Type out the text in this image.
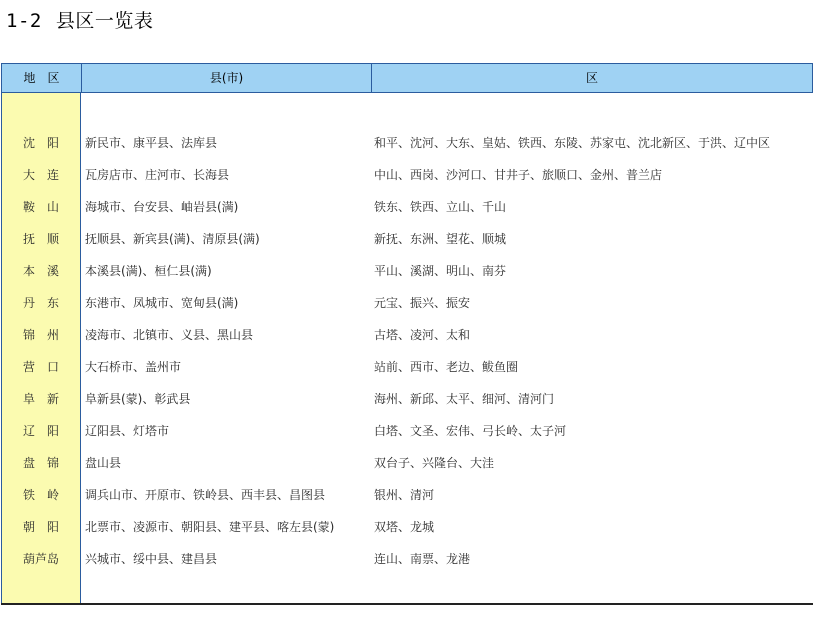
1-2 县区一览表
地　区	县(市)	区
沈　阳	新民市、康平县、法库县	和平、沈河、大东、皇姑、铁西、东陵、苏家屯、沈北新区、于洪、辽中区
大　连	瓦房店市、庄河市、长海县	中山、西岗、沙河口、甘井子、旅顺口、金州、普兰店
鞍　山	海城市、台安县、岫岩县(满)	铁东、铁西、立山、千山
抚　顺	抚顺县、新宾县(满)、清原县(满)	新抚、东洲、望花、顺城
本　溪	本溪县(满)、桓仁县(满)	平山、溪湖、明山、南芬
丹　东	东港市、凤城市、宽甸县(满)	元宝、振兴、振安
锦　州	凌海市、北镇市、义县、黑山县	古塔、凌河、太和
营　口	大石桥市、盖州市	站前、西市、老边、鲅鱼圈
阜　新	阜新县(蒙)、彰武县	海州、新邱、太平、细河、清河门
辽　阳	辽阳县、灯塔市	白塔、文圣、宏伟、弓长岭、太子河
盘　锦	盘山县	双台子、兴隆台、大洼
铁　岭	调兵山市、开原市、铁岭县、西丰县、昌图县	银州、清河
朝　阳	北票市、凌源市、朝阳县、建平县、喀左县(蒙)	双塔、龙城
葫芦岛	兴城市、绥中县、建昌县	连山、南票、龙港
